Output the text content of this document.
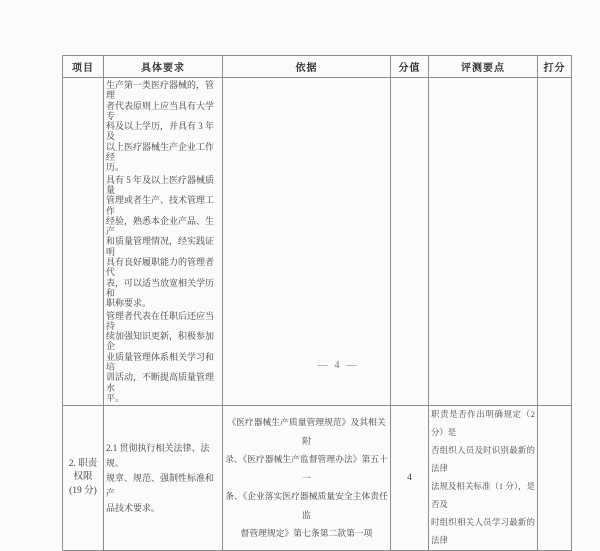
项目	具体要求	依据	分值	评测要点	打分

生产第一类医疗器械的，管理
者代表原则上应当具有大学专
科及以上学历，并具有 3 年及
以上医疗器械生产企业工作经
历。
具有 5 年及以上医疗器械质量
管理或者生产、技术管理工作
经验，熟悉本企业产品、生产
和质量管理情况，经实践证明
具有良好履职能力的管理者代
表，可以适当放宽相关学历和
职称要求。
管理者代表在任职后还应当持
续加强知识更新，积极参加企
业质量管理体系相关学习和培
训活动，不断提高质量管理水
平。

2. 职责
权限
(19 分)	2.1 贯彻执行相关法律、法规、
规章、规范、强制性标准和产
品技术要求。	《医疗器械生产质量管理规范》及其相关附
录、《医疗器械生产监督管理办法》第五十一
条、《企业落实医疗器械质量安全主体责任监
督管理规定》第七条第二款第一项	4	职责是否作出明确规定（2 分）是
否组织人员及时识别最新的法律
法规及相关标准（1 分），是否及
时组织相关人员学习最新的法律	

— 4 —
